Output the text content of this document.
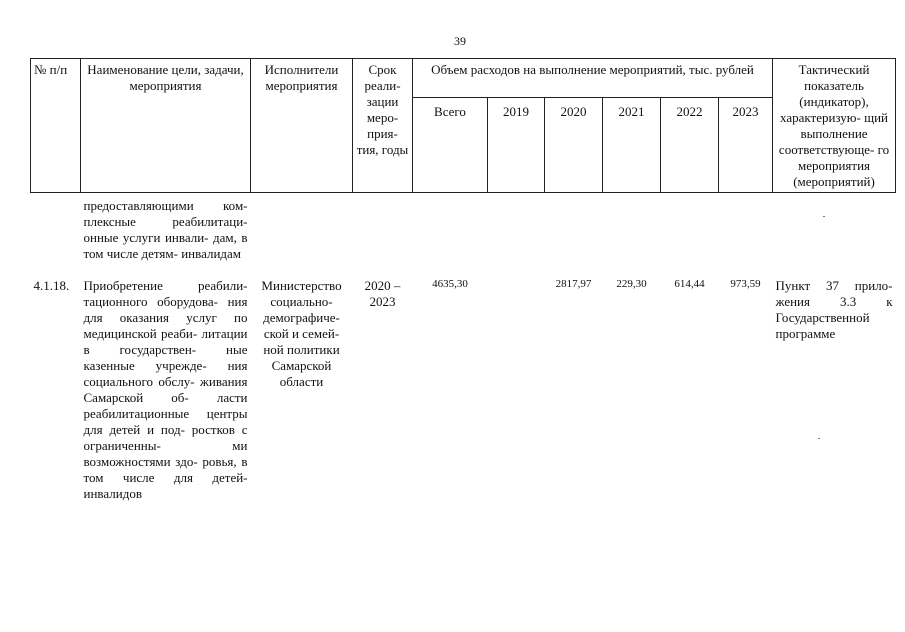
39
№ п/п	Наименование цели, задачи, мероприятия	Исполнители мероприятия	Срок реали- зации меро- прия- тия, годы	Объем расходов на выполнение мероприятий, тыс. рублей						Тактический показатель (индикатор), характеризую- щий выполнение соответствующе- го мероприятия (мероприятий)
				Всего	2019	2020	2021	2022	2023	
	предоставляющими ком- плексные реабилитаци- онные услуги инвали- дам, в том числе детям- инвалидам									
4.1.18.	Приобретение реабили- тационного оборудова- ния для оказания услуг по медицинской реаби- литации в государствен- ные казенные учрежде- ния социального обслу- живания Самарской об- ласти реабилитационные центры для детей и под- ростков с ограниченны- ми возможностями здо- ровья, в том числе для детей-инвалидов	Министерство социально- демографиче- ской и семей- ной политики Самарской области	2020 – 2023	4635,30		2817,97	229,30	614,44	973,59	Пункт 37 прило- жения 3.3 к Государственной программе
